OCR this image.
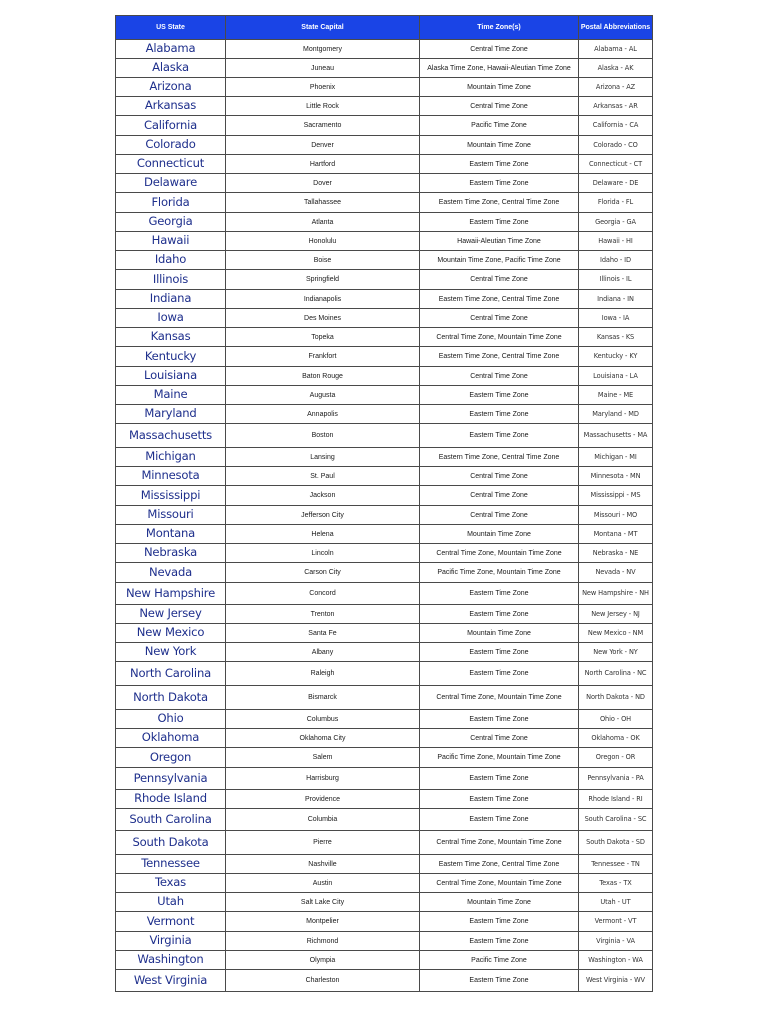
US State	State Capital	Time Zone(s)	Postal Abbreviations
Alabama	Montgomery	Central Time Zone	Alabama - AL
Alaska	Juneau	Alaska Time Zone, Hawaii-Aleutian Time Zone	Alaska - AK
Arizona	Phoenix	Mountain Time Zone	Arizona - AZ
Arkansas	Little Rock	Central Time Zone	Arkansas - AR
California	Sacramento	Pacific Time Zone	California - CA
Colorado	Denver	Mountain Time Zone	Colorado - CO
Connecticut	Hartford	Eastern Time Zone	Connecticut - CT
Delaware	Dover	Eastern Time Zone	Delaware - DE
Florida	Tallahassee	Eastern Time Zone, Central Time Zone	Florida - FL
Georgia	Atlanta	Eastern Time Zone	Georgia - GA
Hawaii	Honolulu	Hawaii-Aleutian Time Zone	Hawaii - HI
Idaho	Boise	Mountain Time Zone, Pacific Time Zone	Idaho - ID
Illinois	Springfield	Central Time Zone	Illinois - IL
Indiana	Indianapolis	Eastern Time Zone, Central Time Zone	Indiana - IN
Iowa	Des Moines	Central Time Zone	Iowa - IA
Kansas	Topeka	Central Time Zone, Mountain Time Zone	Kansas - KS
Kentucky	Frankfort	Eastern Time Zone, Central Time Zone	Kentucky - KY
Louisiana	Baton Rouge	Central Time Zone	Louisiana - LA
Maine	Augusta	Eastern Time Zone	Maine - ME
Maryland	Annapolis	Eastern Time Zone	Maryland - MD
Massachusetts	Boston	Eastern Time Zone	Massachusetts - MA
Michigan	Lansing	Eastern Time Zone, Central Time Zone	Michigan - MI
Minnesota	St. Paul	Central Time Zone	Minnesota - MN
Mississippi	Jackson	Central Time Zone	Mississippi - MS
Missouri	Jefferson City	Central Time Zone	Missouri - MO
Montana	Helena	Mountain Time Zone	Montana - MT
Nebraska	Lincoln	Central Time Zone, Mountain Time Zone	Nebraska - NE
Nevada	Carson City	Pacific Time Zone, Mountain Time Zone	Nevada - NV
New Hampshire	Concord	Eastern Time Zone	New Hampshire - NH
New Jersey	Trenton	Eastern Time Zone	New Jersey - NJ
New Mexico	Santa Fe	Mountain Time Zone	New Mexico - NM
New York	Albany	Eastern Time Zone	New York - NY
North Carolina	Raleigh	Eastern Time Zone	North Carolina - NC
North Dakota	Bismarck	Central Time Zone, Mountain Time Zone	North Dakota - ND
Ohio	Columbus	Eastern Time Zone	Ohio - OH
Oklahoma	Oklahoma City	Central Time Zone	Oklahoma - OK
Oregon	Salem	Pacific Time Zone, Mountain Time Zone	Oregon - OR
Pennsylvania	Harrisburg	Eastern Time Zone	Pennsylvania - PA
Rhode Island	Providence	Eastern Time Zone	Rhode Island - RI
South Carolina	Columbia	Eastern Time Zone	South Carolina - SC
South Dakota	Pierre	Central Time Zone, Mountain Time Zone	South Dakota - SD
Tennessee	Nashville	Eastern Time Zone, Central Time Zone	Tennessee - TN
Texas	Austin	Central Time Zone, Mountain Time Zone	Texas - TX
Utah	Salt Lake City	Mountain Time Zone	Utah - UT
Vermont	Montpelier	Eastern Time Zone	Vermont - VT
Virginia	Richmond	Eastern Time Zone	Virginia - VA
Washington	Olympia	Pacific Time Zone	Washington - WA
West Virginia	Charleston	Eastern Time Zone	West Virginia - WV
